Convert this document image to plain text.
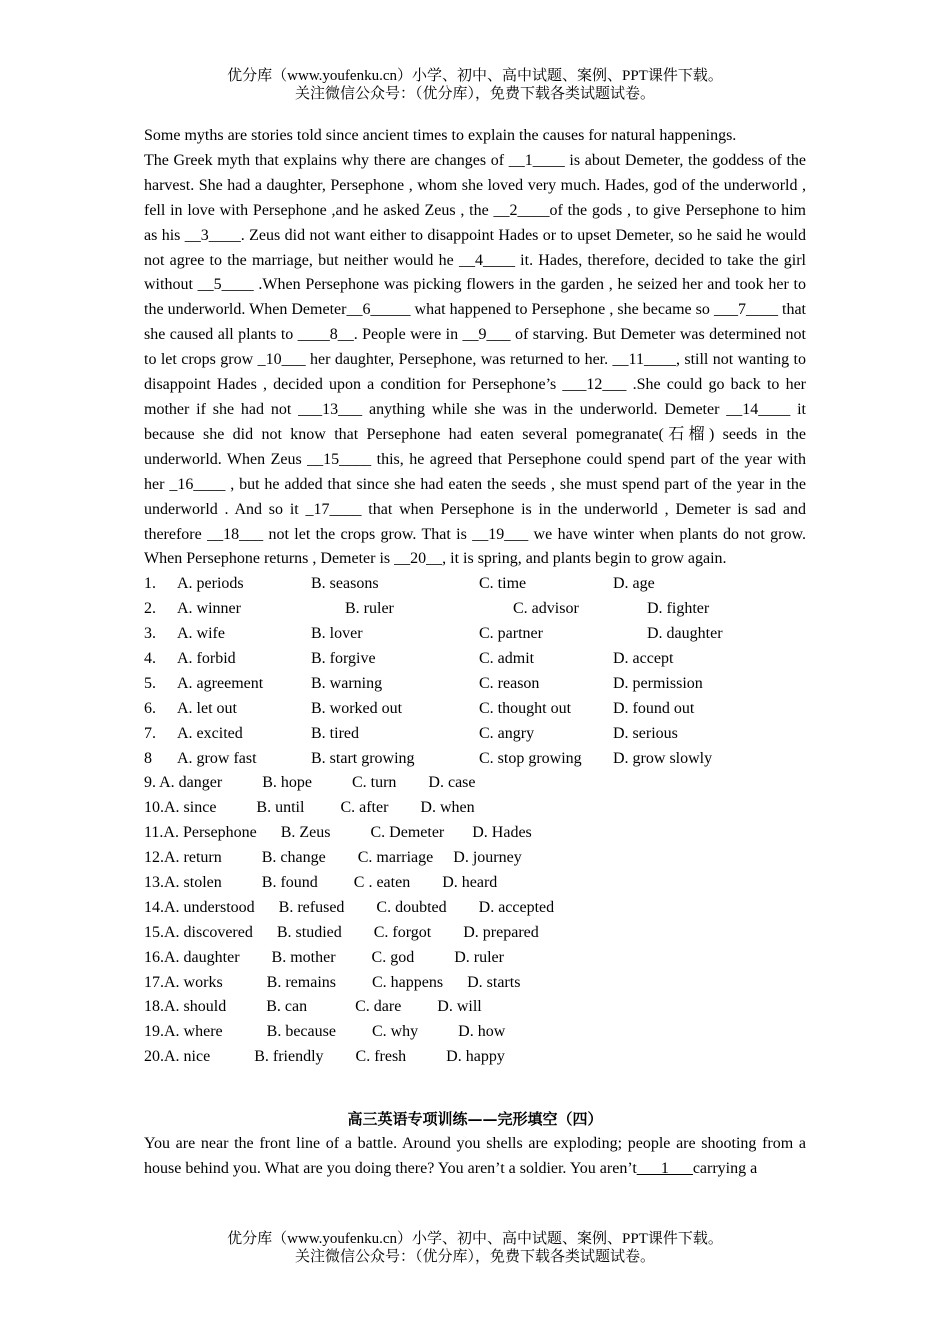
优分库（www.youfenku.cn）小学、初中、高中试题、案例、PPT课件下载。
关注微信公众号：（优分库），免费下载各类试题试卷。

Some myths are stories told since ancient times to explain the causes for natural happenings.

The Greek myth that explains why there are changes of __1____ is about Demeter, the goddess of the harvest. She had a daughter, Persephone , whom she loved very much. Hades, god of the underworld , fell in love with Persephone ,and he asked Zeus , the __2____of the gods , to give Persephone to him as his __3____. Zeus did not want either to disappoint Hades or to upset Demeter, so he said he would not agree to the marriage, but neither would he __4____ it. Hades, therefore, decided to take the girl without __5____ .When Persephone was picking flowers in the garden , he seized her and took her to the underworld. When Demeter__6_____ what happened to Persephone , she became so ___7____ that she caused all plants to ____8__. People were in __9___ of starving. But Demeter was determined not to let crops grow _10___ her daughter, Persephone, was returned to her. __11____, still not wanting to disappoint Hades , decided upon a condition for Persephone’s ___12___ .She could go back to her mother if she had not ___13___ anything while she was in the underworld. Demeter __14____ it because she did not know that Persephone had eaten several pomegranate(石榴) seeds in the underworld. When Zeus __15____ this, he agreed that Persephone could spend part of the year with her _16____ , but he added that since she had eaten the seeds , she must spend part of the year in the underworld . And so it _17____ that when Persephone is in the underworld , Demeter is sad and therefore __18___ not let the crops grow. That is __19___ we have winter when plants do not grow. When Persephone returns , Demeter is __20__, it is spring, and plants begin to grow again.

1. A. periods	B. seasons	C. time	D. age
2. A. winner	B. ruler	C. advisor	D. fighter
3. A. wife	B. lover	C. partner	D. daughter
4. A. forbid	B. forgive	C. admit	D. accept
5. A. agreement	B. warning	C. reason	D. permission
6. A. let out	B. worked out	C. thought out	D. found out
7. A. excited	B. tired	C. angry	D. serious
8 A. grow fast	B. start growing	C. stop growing D. grow slowly
9. A. danger          B. hope          C. turn        D. case
10.A. since          B. until         C. after        D. when
11.A. Persephone      B. Zeus          C. Demeter       D. Hades
12.A. return          B. change        C. marriage     D. journey
13.A. stolen          B. found         C . eaten        D. heard
14.A. understood      B. refused        C. doubted        D. accepted
15.A. discovered      B. studied        C. forgot        D. prepared
16.A. daughter        B. mother         C. god          D. ruler
17.A. works           B. remains         C. happens      D. starts
18.A. should          B. can            C. dare         D. will
19.A. where           B. because         C. why          D. how
20.A. nice           B. friendly        C. fresh          D. happy
高三英语专项训练——完形填空（四）

You are near the front line of a battle. Around you shells are exploding; people are shooting from a house behind you. What are you doing there? You aren’t a soldier. You aren’t___1___carrying a

优分库（www.youfenku.cn）小学、初中、高中试题、案例、PPT课件下载。
关注微信公众号：（优分库），免费下载各类试题试卷。
